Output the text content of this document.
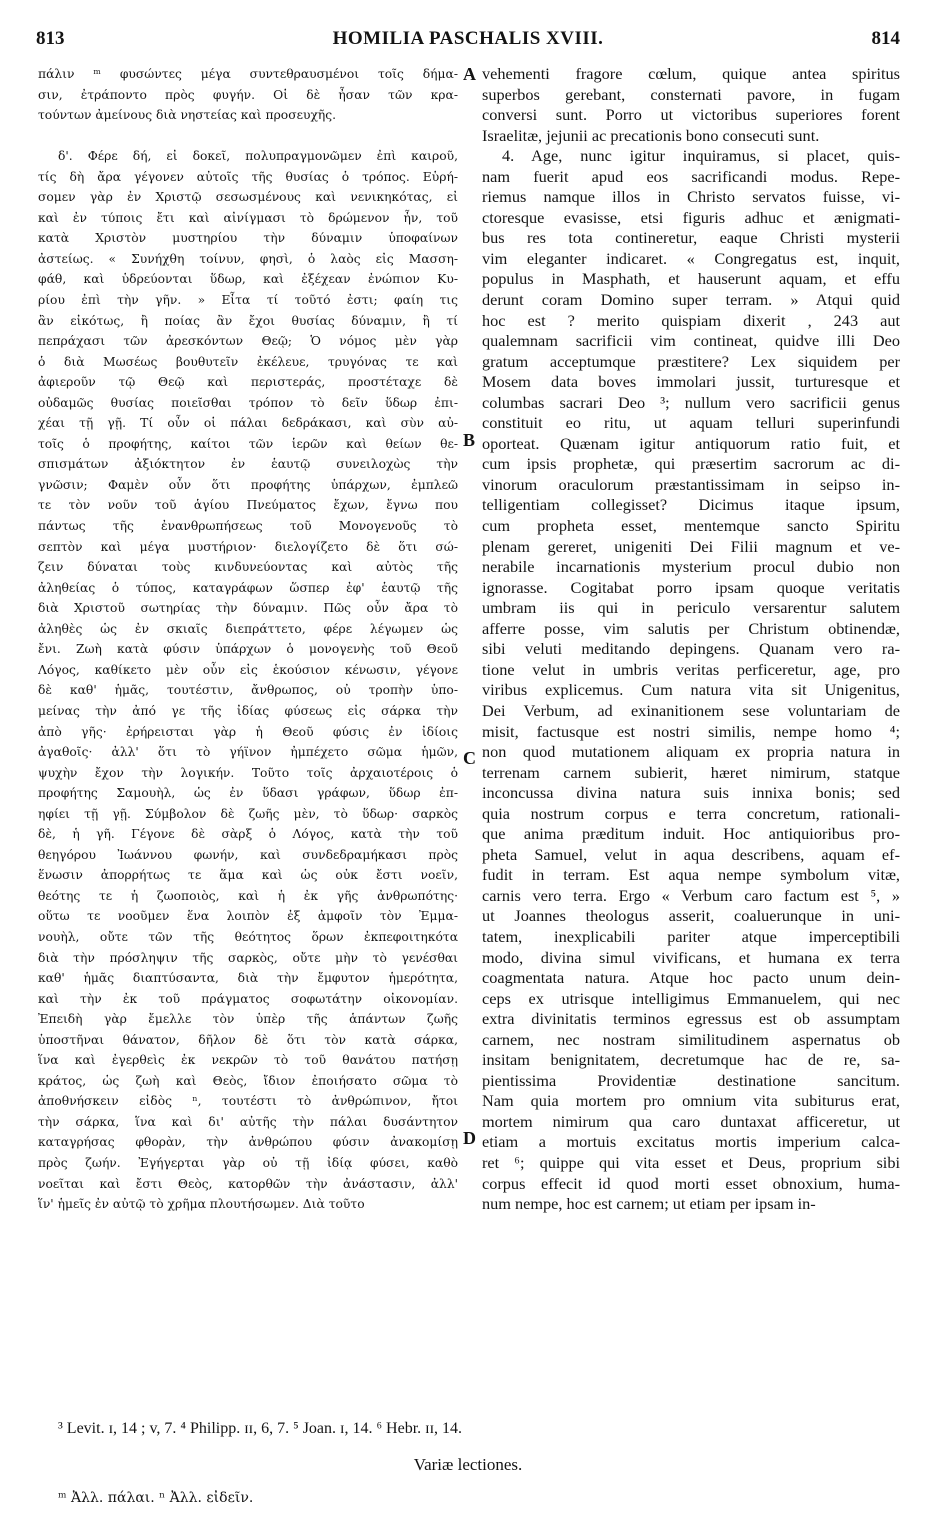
813	HOMILIA PASCHALIS XVIII.	814
πάλιν ᵐ φυσώντες μέγα συντεθραυσμένοι τοῖς δήμα-
σιν, ἐτράποντο πρὸς φυγήν. Οἱ δὲ ἦσαν τῶν κρα-
τούντων ἀμείνους διὰ νηστείας καὶ προσευχῆς.
δ'. Φέρε δή, εἰ δοκεῖ, πολυπραγμονῶμεν ἐπὶ καιροῦ,
τίς δὴ ἄρα γέγονεν αὐτοῖς τῆς θυσίας ὁ τρόπος. Εὑρή-
σομεν γὰρ ἐν Χριστῷ σεσωσμένους καὶ νενικηκότας, εἰ
καὶ ἐν τύποις ἔτι καὶ αἰνίγμασι τὸ δρώμενον ἦν, τοῦ
κατὰ Χριστὸν μυστηρίου τὴν δύναμιν ὑποφαίνων
ἀστείως. « Συνήχθη τοίνυν, φησὶ, ὁ λαὸς εἰς Μασση-
φάθ, καὶ ὑδρεύονται ὕδωρ, καὶ ἐξέχεαν ἐνώπιον Κυ-
ρίου ἐπὶ τὴν γῆν. » Εἶτα τί τοῦτό ἐστι; φαίη τις
ἂν εἰκότως, ἢ ποίας ἂν ἔχοι θυσίας δύναμιν, ἢ τί
πεπράχασι τῶν ἀρεσκόντων Θεῷ; Ὁ νόμος μὲν γὰρ
ὁ διὰ Μωσέως βουθυτεῖν ἐκέλευε, τρυγόνας τε καὶ
ἀφιεροῦν τῷ Θεῷ καὶ περιστεράς, προστέταχε δὲ
οὐδαμῶς θυσίας ποιεῖσθαι τρόπον τὸ δεῖν ὕδωρ ἐπι-
χέαι τῇ γῇ. Τί οὖν οἱ πάλαι δεδράκασι, καὶ σὺν αὐ-
τοῖς ὁ προφήτης, καίτοι τῶν ἱερῶν καὶ θείων θε-
σπισμάτων ἀξιόκτητον ἐν ἑαυτῷ συνειλοχὼς τὴν
γνῶσιν; Φαμὲν οὖν ὅτι προφήτης ὑπάρχων, ἐμπλεῶ
τε τὸν νοῦν τοῦ ἁγίου Πνεύματος ἔχων, ἔγνω που
πάντως τῆς ἐνανθρωπήσεως τοῦ Μονογενοῦς τὸ
σεπτὸν καὶ μέγα μυστήριον· διελογίζετο δὲ ὅτι σώ-
ζειν δύναται τοὺς κινδυνεύοντας καὶ αὐτὸς τῆς
ἀληθείας ὁ τύπος, καταγράφων ὥσπερ ἐφ' ἑαυτῷ τῆς
διὰ Χριστοῦ σωτηρίας τὴν δύναμιν. Πῶς οὖν ἄρα τὸ
ἀληθὲς ὡς ἐν σκιαῖς διεπράττετο, φέρε λέγωμεν ὡς
ἔνι. Ζωὴ κατὰ φύσιν ὑπάρχων ὁ μονογενὴς τοῦ Θεοῦ
Λόγος, καθίκετο μὲν οὖν εἰς ἑκούσιον κένωσιν, γέγονε
δὲ καθ' ἡμᾶς, τουτέστιν, ἄνθρωπος, οὐ τροπὴν ὑπο-
μείνας τὴν ἀπό γε τῆς ἰδίας φύσεως εἰς σάρκα τὴν
ἀπὸ γῆς· ἐρήρεισται γὰρ ἡ Θεοῦ φύσις ἐν ἰδίοις
ἀγαθοῖς· ἀλλ' ὅτι τὸ γήϊνον ἠμπέχετο σῶμα ἡμῶν,
ψυχὴν ἔχον τὴν λογικήν. Τοῦτο τοῖς ἀρχαιοτέροις ὁ
προφήτης Σαμουὴλ, ὡς ἐν ὕδασι γράφων, ὕδωρ ἐπ-
ηφίει τῇ γῇ. Σύμβολον δὲ ζωῆς μὲν, τὸ ὕδωρ· σαρκὸς
δὲ, ἡ γῆ. Γέγονε δὲ σὰρξ ὁ Λόγος, κατὰ τὴν τοῦ
θεηγόρου Ἰωάννου φωνήν, καὶ συνδεδραμήκασι πρὸς
ἕνωσιν ἀπορρήτως τε ἅμα καὶ ὡς οὐκ ἔστι νοεῖν,
θεότης τε ἡ ζωοποιὸς, καὶ ἡ ἐκ γῆς ἀνθρωπότης·
οὕτω τε νοοῦμεν ἕνα λοιπὸν ἐξ ἀμφοῖν τὸν Ἐμμα-
νουὴλ, οὔτε τῶν τῆς θεότητος ὅρων ἐκπεφοιτηκότα
διὰ τὴν πρόσληψιν τῆς σαρκὸς, οὔτε μὴν τὸ γενέσθαι
καθ' ἡμᾶς διαπτύσαντα, διὰ τὴν ἔμφυτον ἡμερότητα,
καὶ τὴν ἐκ τοῦ πράγματος σοφωτάτην οἰκονομίαν.
Ἐπειδὴ γὰρ ἔμελλε τὸν ὑπὲρ τῆς ἁπάντων ζωῆς
ὑποστῆναι θάνατον, δῆλον δὲ ὅτι τὸν κατὰ σάρκα,
ἵνα καὶ ἐγερθεὶς ἐκ νεκρῶν τὸ τοῦ θανάτου πατήσῃ
κράτος, ὡς ζωὴ καὶ Θεὸς, ἴδιον ἐποιήσατο σῶμα τὸ
ἀποθνήσκειν εἰδὸς ⁿ, τουτέστι τὸ ἀνθρώπινον, ἤτοι
τὴν σάρκα, ἵνα καὶ δι' αὐτῆς τὴν πάλαι δυσάντητον
καταγρήσας φθορὰν, τὴν ἀνθρώπου φύσιν ἀνακομίσῃ
πρὸς ζωήν. Ἐγήγερται γὰρ οὐ τῇ ἰδίᾳ φύσει, καθὸ
νοεῖται καὶ ἔστι Θεὸς, κατορθῶν τὴν ἀνάστασιν, ἀλλ'
ἵν' ἡμεῖς ἐν αὐτῷ τὸ χρῆμα πλουτήσωμεν. Διὰ τοῦτο
vehementi fragore cœlum, quique antea spiritus
superbos gerebant, consternati pavore, in fugam
conversi sunt. Porro ut victoribus superiores forent
Israelitæ, jejunii ac precationis bono consecuti sunt.
4. Age, nunc igitur inquiramus, si placet, quis-
nam fuerit apud eos sacrificandi modus. Repe-
riemus namque illos in Christo servatos fuisse, vi-
ctoresque evasisse, etsi figuris adhuc et ænigmati-
bus res tota contineretur, eaque Christi mysterii
vim eleganter indicaret. « Congregatus est, inquit,
populus in Masphath, et hauserunt aquam, et effu
derunt coram Domino super terram. » Atqui quid
hoc est ? merito quispiam dixerit , 243 aut
qualemnam sacrificii vim contineat, quidve illi Deo
gratum acceptumque præstitere? Lex siquidem per
Mosem data boves immolari jussit, turturesque et
columbas sacrari Deo ³; nullum vero sacrificii genus
constituit eo ritu, ut aquam telluri superinfundi
oporteat. Quænam igitur antiquorum ratio fuit, et
cum ipsis prophetæ, qui præsertim sacrorum ac di-
vinorum oraculorum præstantissimam in seipso in-
telligentiam collegisset? Dicimus itaque ipsum,
cum propheta esset, mentemque sancto Spiritu
plenam gereret, unigeniti Dei Filii magnum et ve-
nerabile incarnationis mysterium procul dubio non
ignorasse. Cogitabat porro ipsam quoque veritatis
umbram iis qui in periculo versarentur salutem
afferre posse, vim salutis per Christum obtinendæ,
sibi veluti meditando depingens. Quanam vero ra-
tione velut in umbris veritas perficeretur, age, pro
viribus explicemus. Cum natura vita sit Unigenitus,
Dei Verbum, ad exinanitionem sese voluntariam de
misit, factusque est nostri similis, nempe homo ⁴;
non quod mutationem aliquam ex propria natura in
terrenam carnem subierit, hæret nimirum, statque
inconcussa divina natura suis innixa bonis; sed
quia nostrum corpus e terra concretum, rationali-
que anima præditum induit. Hoc antiquioribus pro-
pheta Samuel, velut in aqua describens, aquam ef-
fudit in terram. Est aqua nempe symbolum vitæ,
carnis vero terra. Ergo « Verbum caro factum est ⁵, »
ut Joannes theologus asserit, coaluerunque in uni-
tatem, inexplicabili pariter atque imperceptibili
modo, divina simul vivificans, et humana ex terra
coagmentata natura. Atque hoc pacto unum dein-
ceps ex utrisque intelligimus Emmanuelem, qui nec
extra divinitatis terminos egressus est ob assumptam
carnem, nec nostram similitudinem aspernatus ob
insitam benignitatem, decretumque hac de re, sa-
pientissima Providentiæ destinatione sancitum.
Nam quia mortem pro omnium vita subiturus erat,
mortem nimirum qua caro duntaxat afficeretur, ut
etiam a mortuis excitatus mortis imperium calca-
ret ⁶; quippe qui vita esset et Deus, proprium sibi
corpus effecit id quod morti esset obnoxium, huma-
num nempe, hoc est carnem; ut etiam per ipsam in-
A
B
C
D
³ Levit. ɪ, 14 ; v, 7. ⁴ Philipp. ɪɪ, 6, 7. ⁵ Joan. ɪ, 14. ⁶ Hebr. ɪɪ, 14.
Variæ lectiones.
ᵐ Ἀλλ. πάλαι. ⁿ Ἀλλ. εἰδεῖν.
